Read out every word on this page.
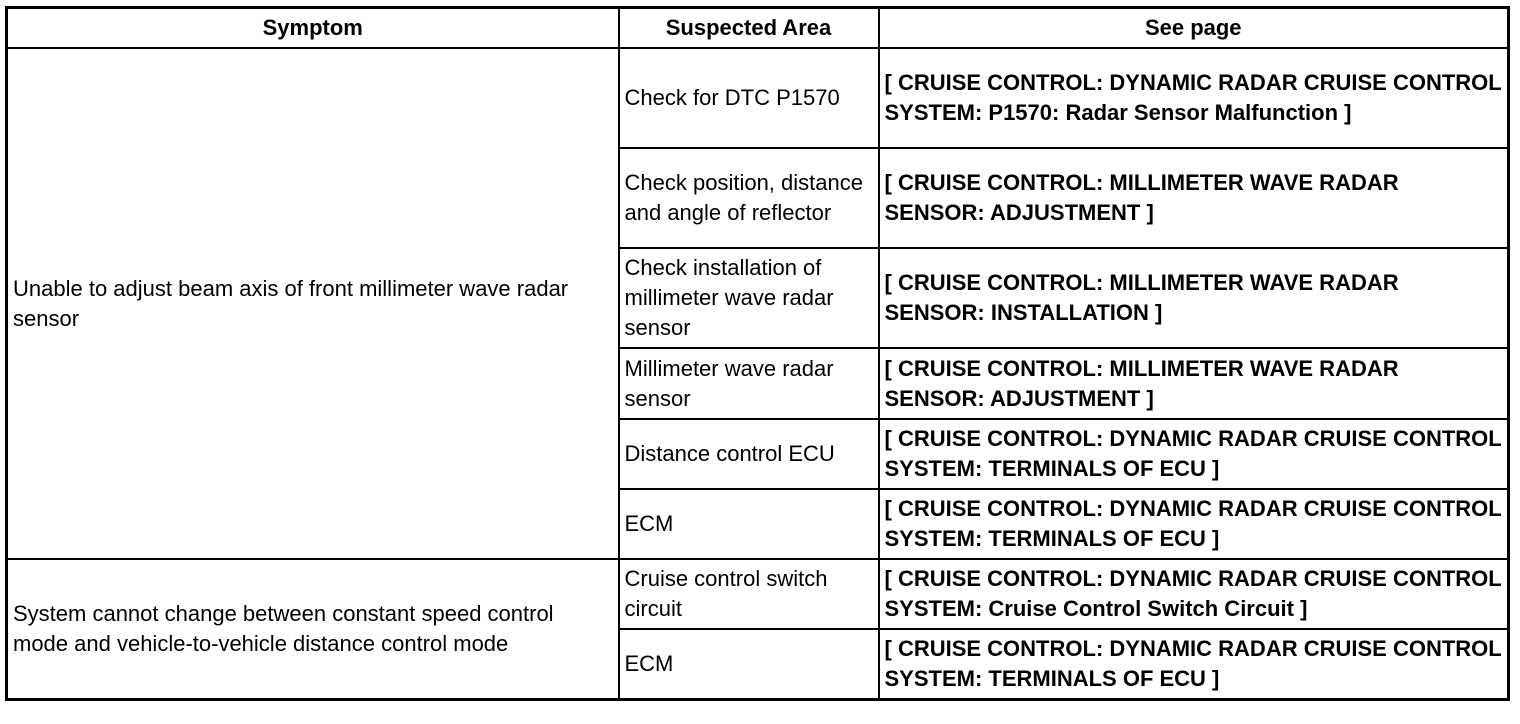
Symptom	Suspected Area	See page
Unable to adjust beam axis of front millimeter wave radar sensor	Check for DTC P1570	[ CRUISE CONTROL: DYNAMIC RADAR CRUISE CONTROL SYSTEM: P1570: Radar Sensor Malfunction ]
	Check position, distance and angle of reflector	[ CRUISE CONTROL: MILLIMETER WAVE RADAR SENSOR: ADJUSTMENT ]
	Check installation of millimeter wave radar sensor	[ CRUISE CONTROL: MILLIMETER WAVE RADAR SENSOR: INSTALLATION ]
	Millimeter wave radar sensor	[ CRUISE CONTROL: MILLIMETER WAVE RADAR SENSOR: ADJUSTMENT ]
	Distance control ECU	[ CRUISE CONTROL: DYNAMIC RADAR CRUISE CONTROL SYSTEM: TERMINALS OF ECU ]
	ECM	[ CRUISE CONTROL: DYNAMIC RADAR CRUISE CONTROL SYSTEM: TERMINALS OF ECU ]
System cannot change between constant speed control mode and vehicle-to-vehicle distance control mode	Cruise control switch circuit	[ CRUISE CONTROL: DYNAMIC RADAR CRUISE CONTROL SYSTEM: Cruise Control Switch Circuit ]
	ECM	[ CRUISE CONTROL: DYNAMIC RADAR CRUISE CONTROL SYSTEM: TERMINALS OF ECU ]
